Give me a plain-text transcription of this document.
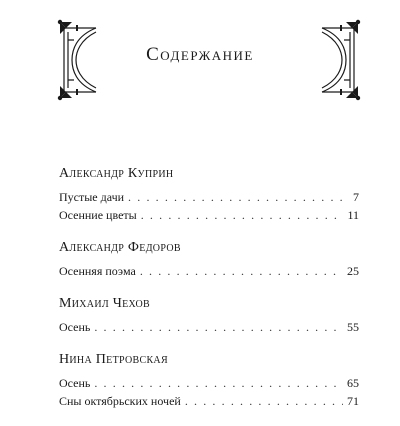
Содержание
Александр Куприн
Пустые дачи . . .	7
Осенние цветы . . .	11
Александр Федоров
Осенняя поэма . . .	25
Михаил Чехов
Осень . . .	55
Нина Петровская
Осень . . .	65
Сны октябрьских ночей . . .	71
